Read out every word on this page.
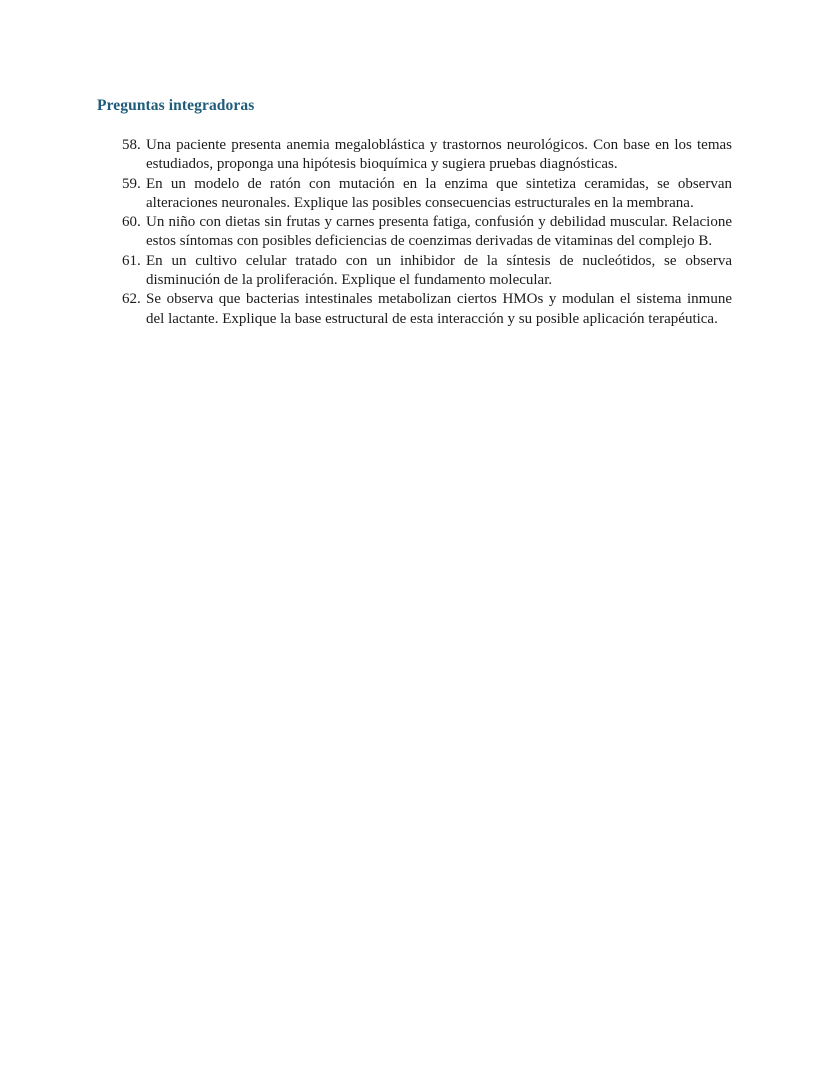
Preguntas integradoras
58. Una paciente presenta anemia megaloblástica y trastornos neurológicos. Con base en los temas estudiados, proponga una hipótesis bioquímica y sugiera pruebas diagnósticas.
59. En un modelo de ratón con mutación en la enzima que sintetiza ceramidas, se observan alteraciones neuronales. Explique las posibles consecuencias estructurales en la membrana.
60. Un niño con dietas sin frutas y carnes presenta fatiga, confusión y debilidad muscular. Relacione estos síntomas con posibles deficiencias de coenzimas derivadas de vitaminas del complejo B.
61. En un cultivo celular tratado con un inhibidor de la síntesis de nucleótidos, se observa disminución de la proliferación. Explique el fundamento molecular.
62. Se observa que bacterias intestinales metabolizan ciertos HMOs y modulan el sistema inmune del lactante. Explique la base estructural de esta interacción y su posible aplicación terapéutica.
